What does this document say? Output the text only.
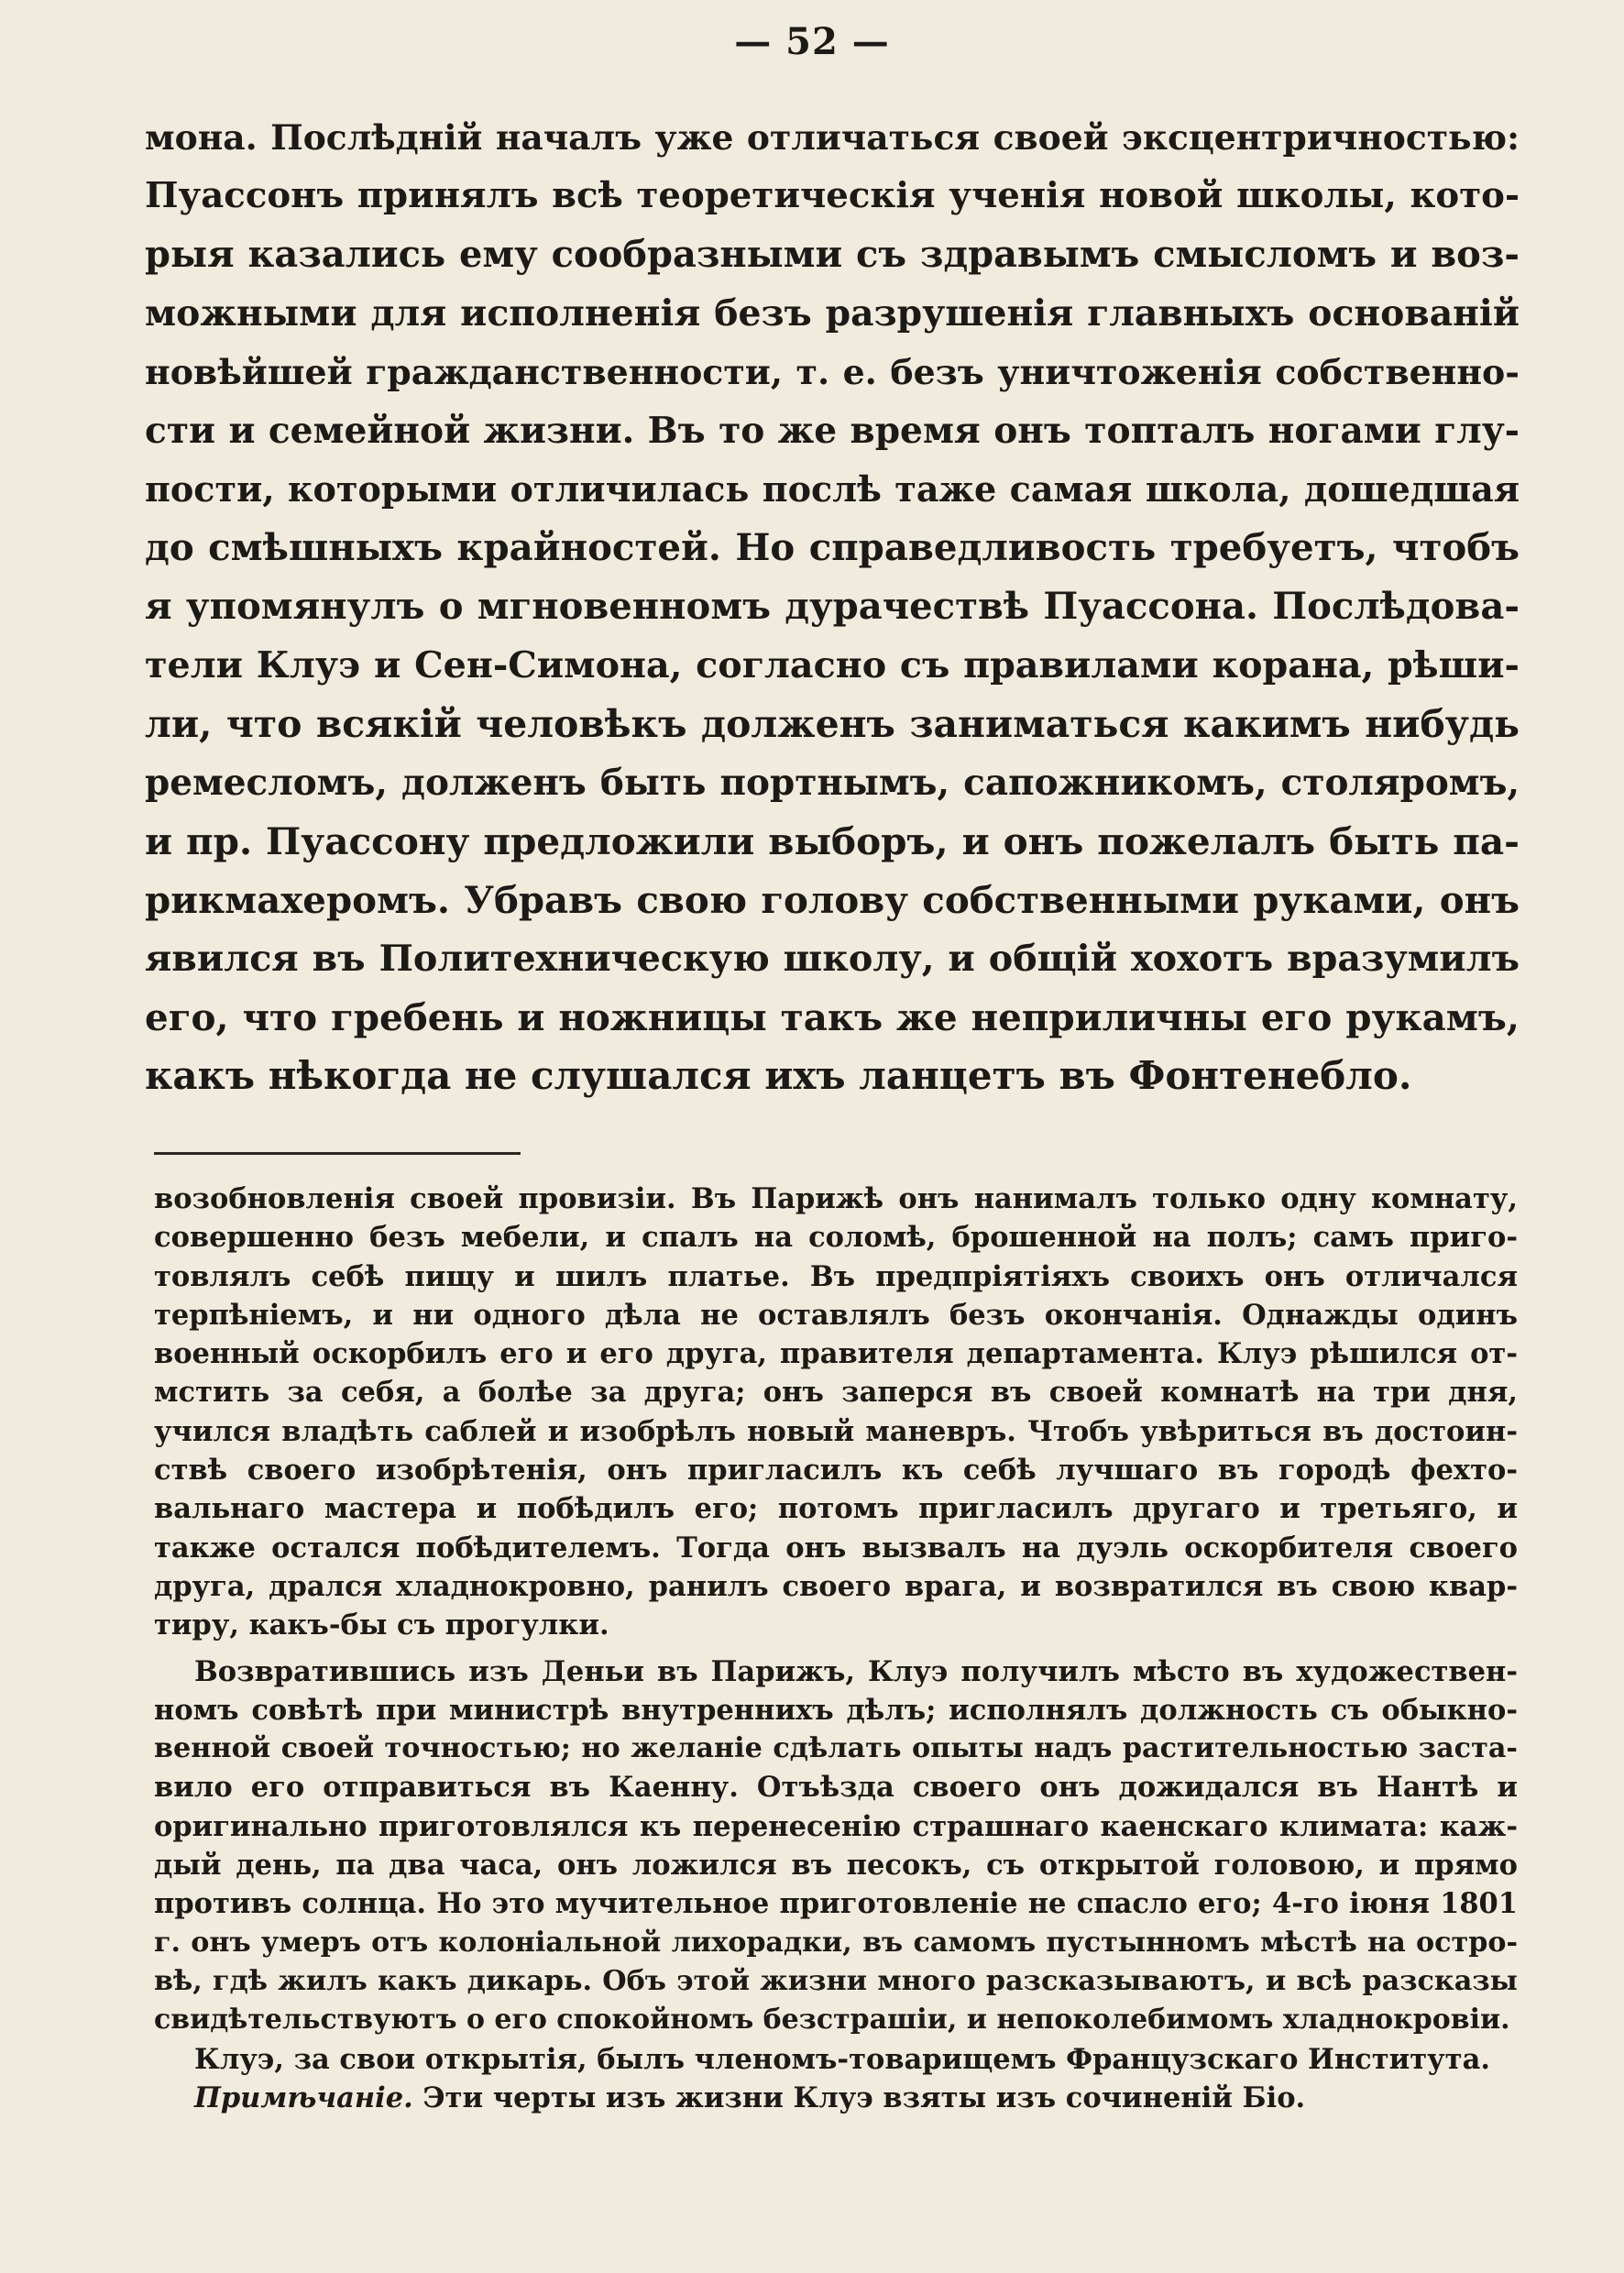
— 52 —
мона. Послѣднiй началъ уже отличаться своей эксцентричностью:
Пуассонъ принялъ всѣ теоретическiя ученiя новой школы, кото-
рыя казались ему сообразными съ здравымъ смысломъ и воз-
можными для исполненiя безъ разрушенiя главныхъ основанiй
новѣйшей гражданственности, т. е. безъ уничтоженiя собственно-
сти и семейной жизни. Въ то же время онъ топталъ ногами глу-
пости, которыми отличилась послѣ таже самая школа, дошедшая
до смѣшныхъ крайностей. Но справедливость требуетъ, чтобъ
я упомянулъ о мгновенномъ дурачествѣ Пуассона. Послѣдова-
тели Клуэ и Сен-Симона, согласно съ правилами корана, рѣши-
ли, что всякiй человѣкъ долженъ заниматься какимъ нибудь
ремесломъ, долженъ быть портнымъ, сапожникомъ, столяромъ,
и пр. Пуассону предложили выборъ, и онъ пожелалъ быть па-
рикмахеромъ. Убравъ свою голову собственными руками, онъ
явился въ Политехническую школу, и общiй хохотъ вразумилъ
его, что гребень и ножницы такъ же неприличны его рукамъ,
какъ нѣкогда не слушался ихъ ланцетъ въ Фонтенебло.
возобновленiя своей провизiи. Въ Парижѣ онъ нанималъ только одну комнату,
совершенно безъ мебели, и спалъ на соломѣ, брошенной на полъ; самъ приго-
товлялъ себѣ пищу и шилъ платье. Въ предпрiятiяхъ своихъ онъ отличался
терпѣнiемъ, и ни одного дѣла не оставлялъ безъ окончанiя. Однажды одинъ
военный оскорбилъ его и его друга, правителя департамента. Клуэ рѣшился от-
мстить за себя, а болѣе за друга; онъ заперся въ своей комнатѣ на три дня,
учился владѣть саблей и изобрѣлъ новый маневръ. Чтобъ увѣриться въ достоин-
ствѣ своего изобрѣтенiя, онъ пригласилъ къ себѣ лучшаго въ городѣ фехто-
вальнаго мастера и побѣдилъ его; потомъ пригласилъ другаго и третьяго, и
также остался побѣдителемъ. Тогда онъ вызвалъ на дуэль оскорбителя своего
друга, дрался хладнокровно, ранилъ своего врага, и возвратился въ свою квар-
тиру, какъ-бы съ прогулки.
Возвратившись изъ Деньи въ Парижъ, Клуэ получилъ мѣсто въ художествен-
номъ совѣтѣ при министрѣ внутреннихъ дѣлъ; исполнялъ должность съ обыкно-
венной своей точностью; но желанiе сдѣлать опыты надъ растительностью заста-
вило его отправиться въ Каенну. Отъѣзда своего онъ дожидался въ Нантѣ и
оригинально приготовлялся къ перенесенiю страшнаго каенскаго климата: каж-
дый день, па два часа, онъ ложился въ песокъ, съ открытой головою, и прямо
противъ солнца. Но это мучительное приготовленiе не спасло его; 4-го iюня 1801
г. онъ умеръ отъ колонiальной лихорадки, въ самомъ пустынномъ мѣстѣ на остро-
вѣ, гдѣ жилъ какъ дикарь. Объ этой жизни много разсказываютъ, и всѣ разсказы
свидѣтельствуютъ о его спокойномъ безстрашiи, и непоколебимомъ хладнокровiи.
Клуэ, за свои открытiя, былъ членомъ-товарищемъ Французскаго Института.
Примѣчанiе. Эти черты изъ жизни Клуэ взяты изъ сочиненiй Бiо.
